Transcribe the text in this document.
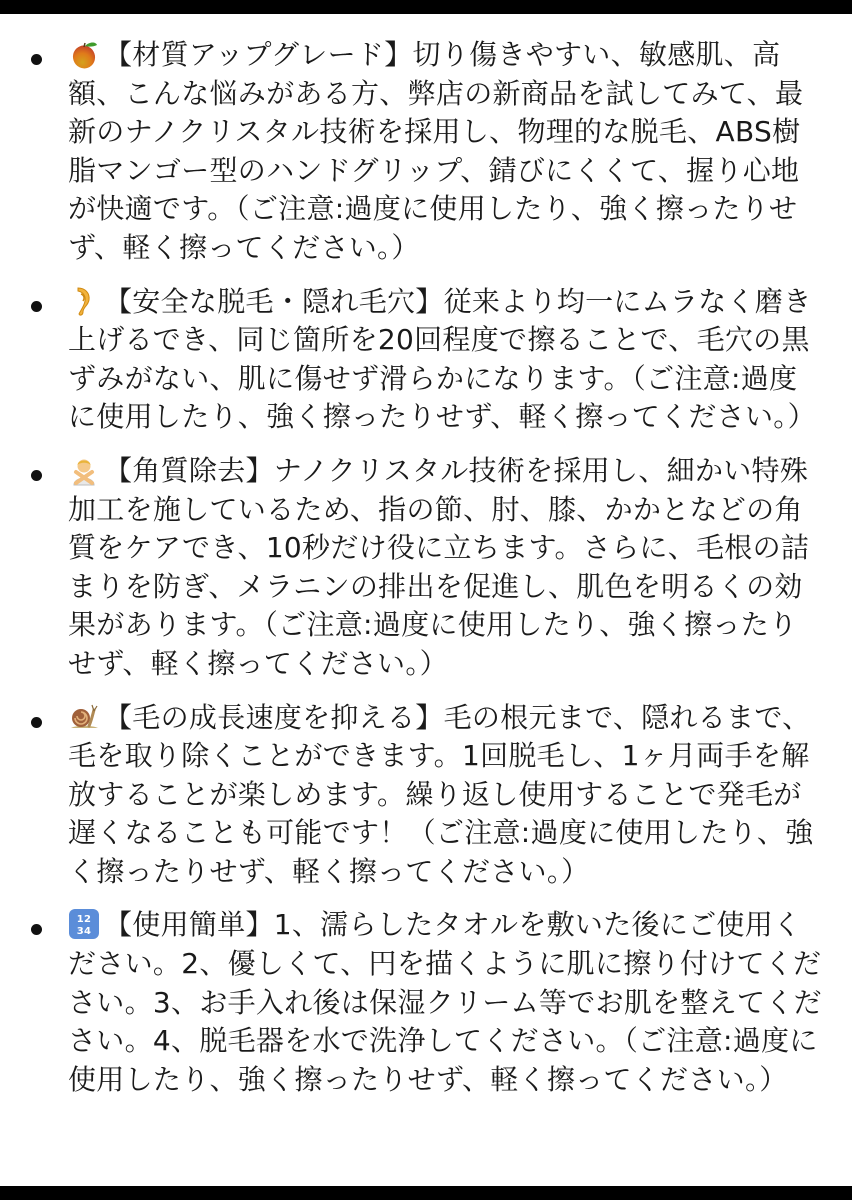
【材質アップグレード】切り傷きやすい、敏感肌、高額、こんな悩みがある方、弊店の新商品を試してみて、最新のナノクリスタル技術を採用し、物理的な脱毛、ABS樹脂マンゴー型のハンドグリップ、錆びにくくて、握り心地が快適です。（ご注意:過度に使用したり、強く擦ったりせず、軽く擦ってください。）

【安全な脱毛・隠れ毛穴】従来より均一にムラなく磨き上げるでき、同じ箇所を20回程度で擦ることで、毛穴の黒ずみがない、肌に傷せず滑らかになります。（ご注意:過度に使用したり、強く擦ったりせず、軽く擦ってください。）

【角質除去】ナノクリスタル技術を採用し、細かい特殊加工を施しているため、指の節、肘、膝、かかとなどの角質をケアでき、10秒だけ役に立ちます。さらに、毛根の詰まりを防ぎ、メラニンの排出を促進し、肌色を明るくの効果があります。（ご注意:過度に使用したり、強く擦ったりせず、軽く擦ってください。）

【毛の成長速度を抑える】毛の根元まで、隠れるまで、毛を取り除くことができます。1回脱毛し、1ヶ月両手を解放することが楽しめます。繰り返し使用することで発毛が遅くなることも可能です！（ご注意:過度に使用したり、強く擦ったりせず、軽く擦ってください。）

12
34 【使用簡単】1、濡らしたタオルを敷いた後にご使用ください。2、優しくて、円を描くように肌に擦り付けてください。3、お手入れ後は保湿クリーム等でお肌を整えてください。4、脱毛器を水で洗浄してください。（ご注意:過度に使用したり、強く擦ったりせず、軽く擦ってください。）
